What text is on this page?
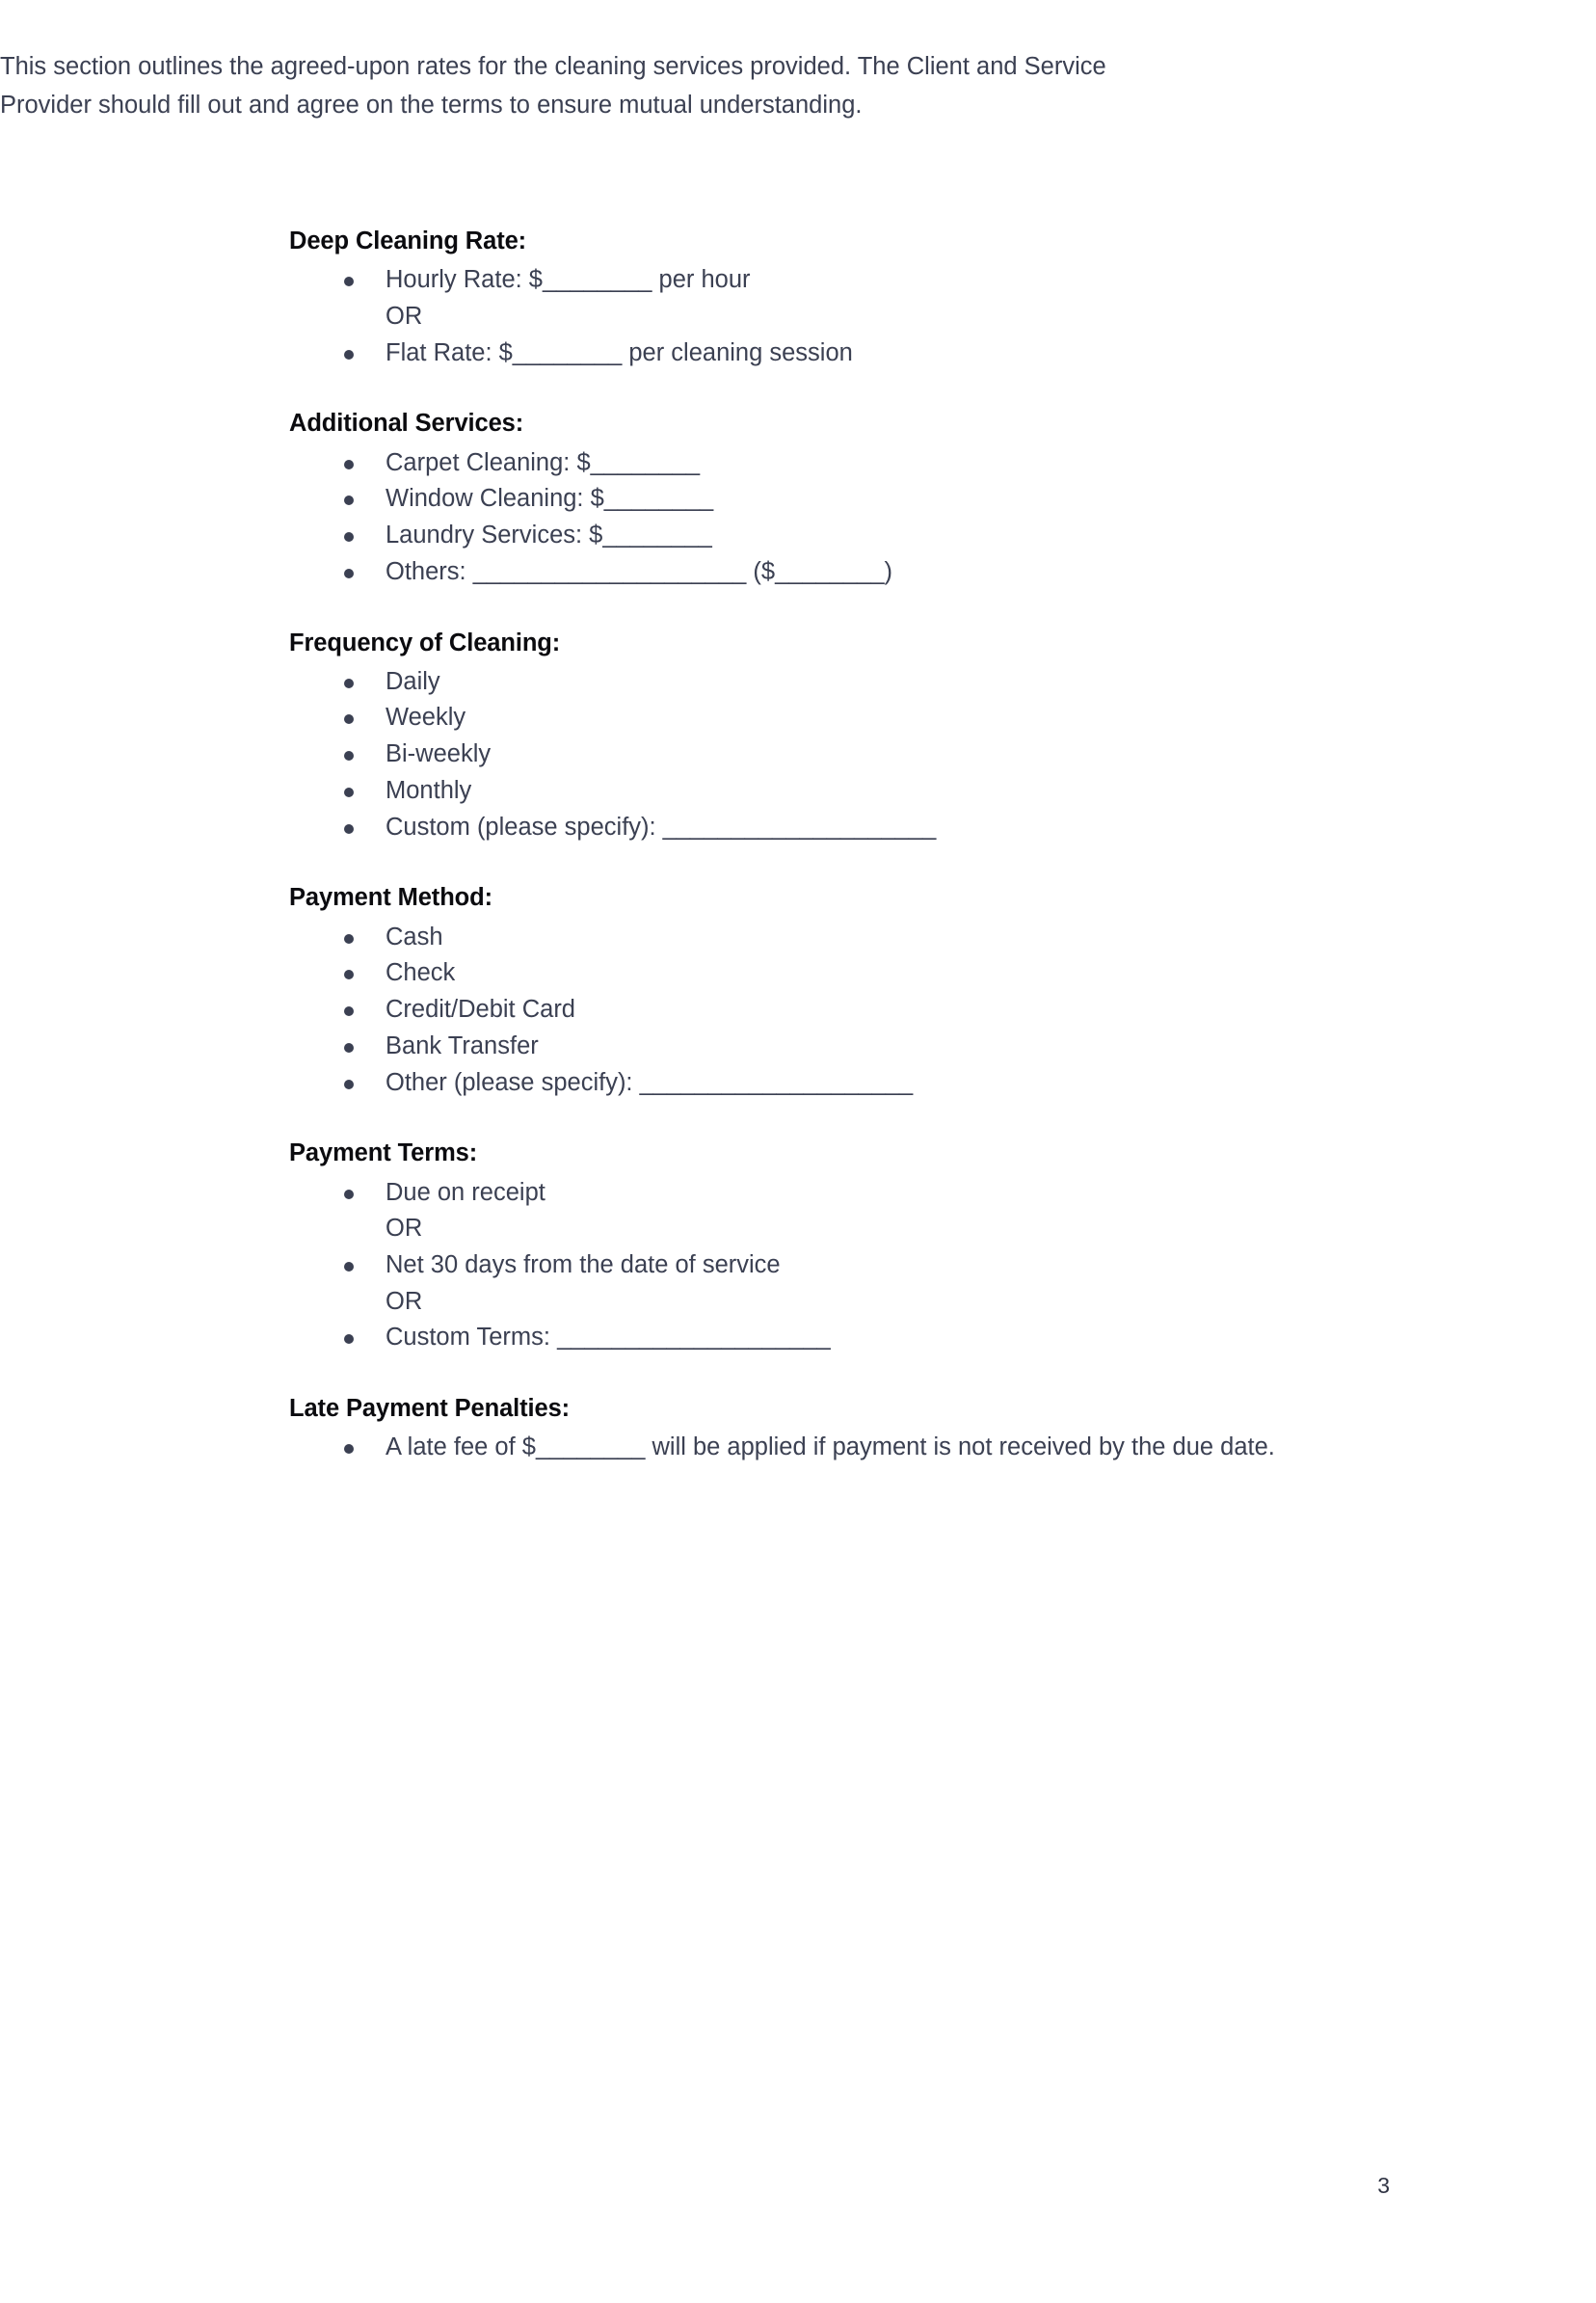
Deep Cleaning Rate:
Hourly Rate: $________ per hour
OR
Flat Rate: $________ per cleaning session
Additional Services:
Carpet Cleaning: $________
Window Cleaning: $________
Laundry Services: $________
Others: ____________________ ($________)
Frequency of Cleaning:
Daily
Weekly
Bi-weekly
Monthly
Custom (please specify): ____________________
Payment Method:
Cash
Check
Credit/Debit Card
Bank Transfer
Other (please specify): ____________________
Payment Terms:
Due on receipt
OR
Net 30 days from the date of service
OR
Custom Terms: ____________________
Late Payment Penalties:
A late fee of $________ will be applied if payment is not received by the due date.

This section outlines the agreed-upon rates for the cleaning services provided. The Client and Service Provider should fill out and agree on the terms to ensure mutual understanding.

3
